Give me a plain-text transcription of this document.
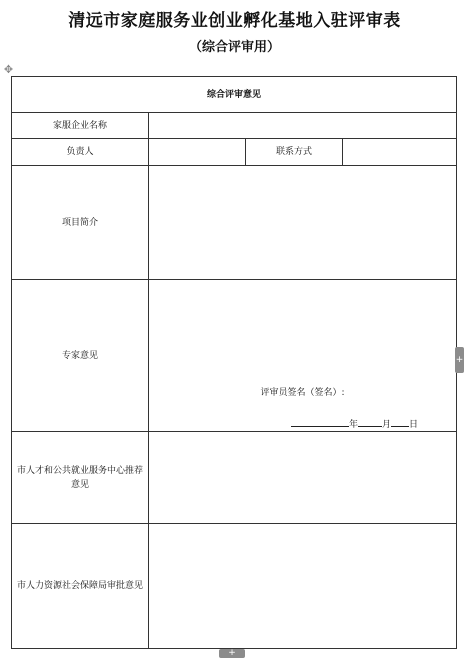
清远市家庭服务业创业孵化基地入驻评审表
（综合评审用）
✥
综合评审意见			
家服企业名称			
负责人		联系方式	
项目简介			
专家意见	评审员签名（签名）:
年 月 日		

市人才和公共就业服务中心推荐意见			
市人力资源社会保障局审批意见			
+
+
